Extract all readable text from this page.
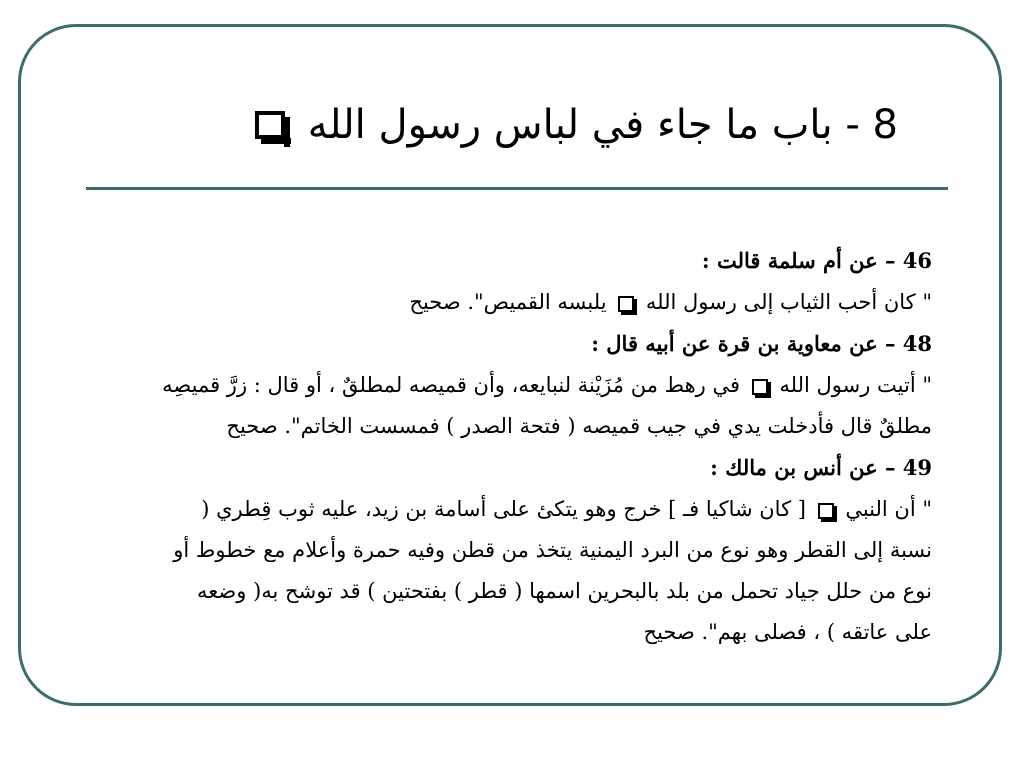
8 - باب ما جاء في لباس رسول الله
46 – عن أم سلمة قالت :
" كان أحب الثياب إلى رسول الله  يلبسه القميص". صحيح
48 – عن معاوية بن قرة عن أبيه قال :
" أتيت رسول الله  في رهط من مُزَيْنة لنبايعه، وأن قميصه لمطلقٌ ، أو قال : زرَّ قميصِه
مطلقٌ قال فأدخلت يدي في جيب قميصه ( فتحة الصدر ) فمسست الخاتم". صحيح
49 – عن أنس بن مالك :
" أن النبي  [ كان شاكيا فـ ] خرج وهو يتكئ على أسامة بن زيد، عليه ثوب قِطري (
نسبة إلى القطر وهو نوع من البرد اليمنية يتخذ من قطن وفيه حمرة وأعلام مع خطوط أو
نوع من حلل جياد تحمل من بلد بالبحرين اسمها ( قطر ) بفتحتين ) قد توشح به( وضعه
على عاتقه ) ، فصلى بهم". صحيح
